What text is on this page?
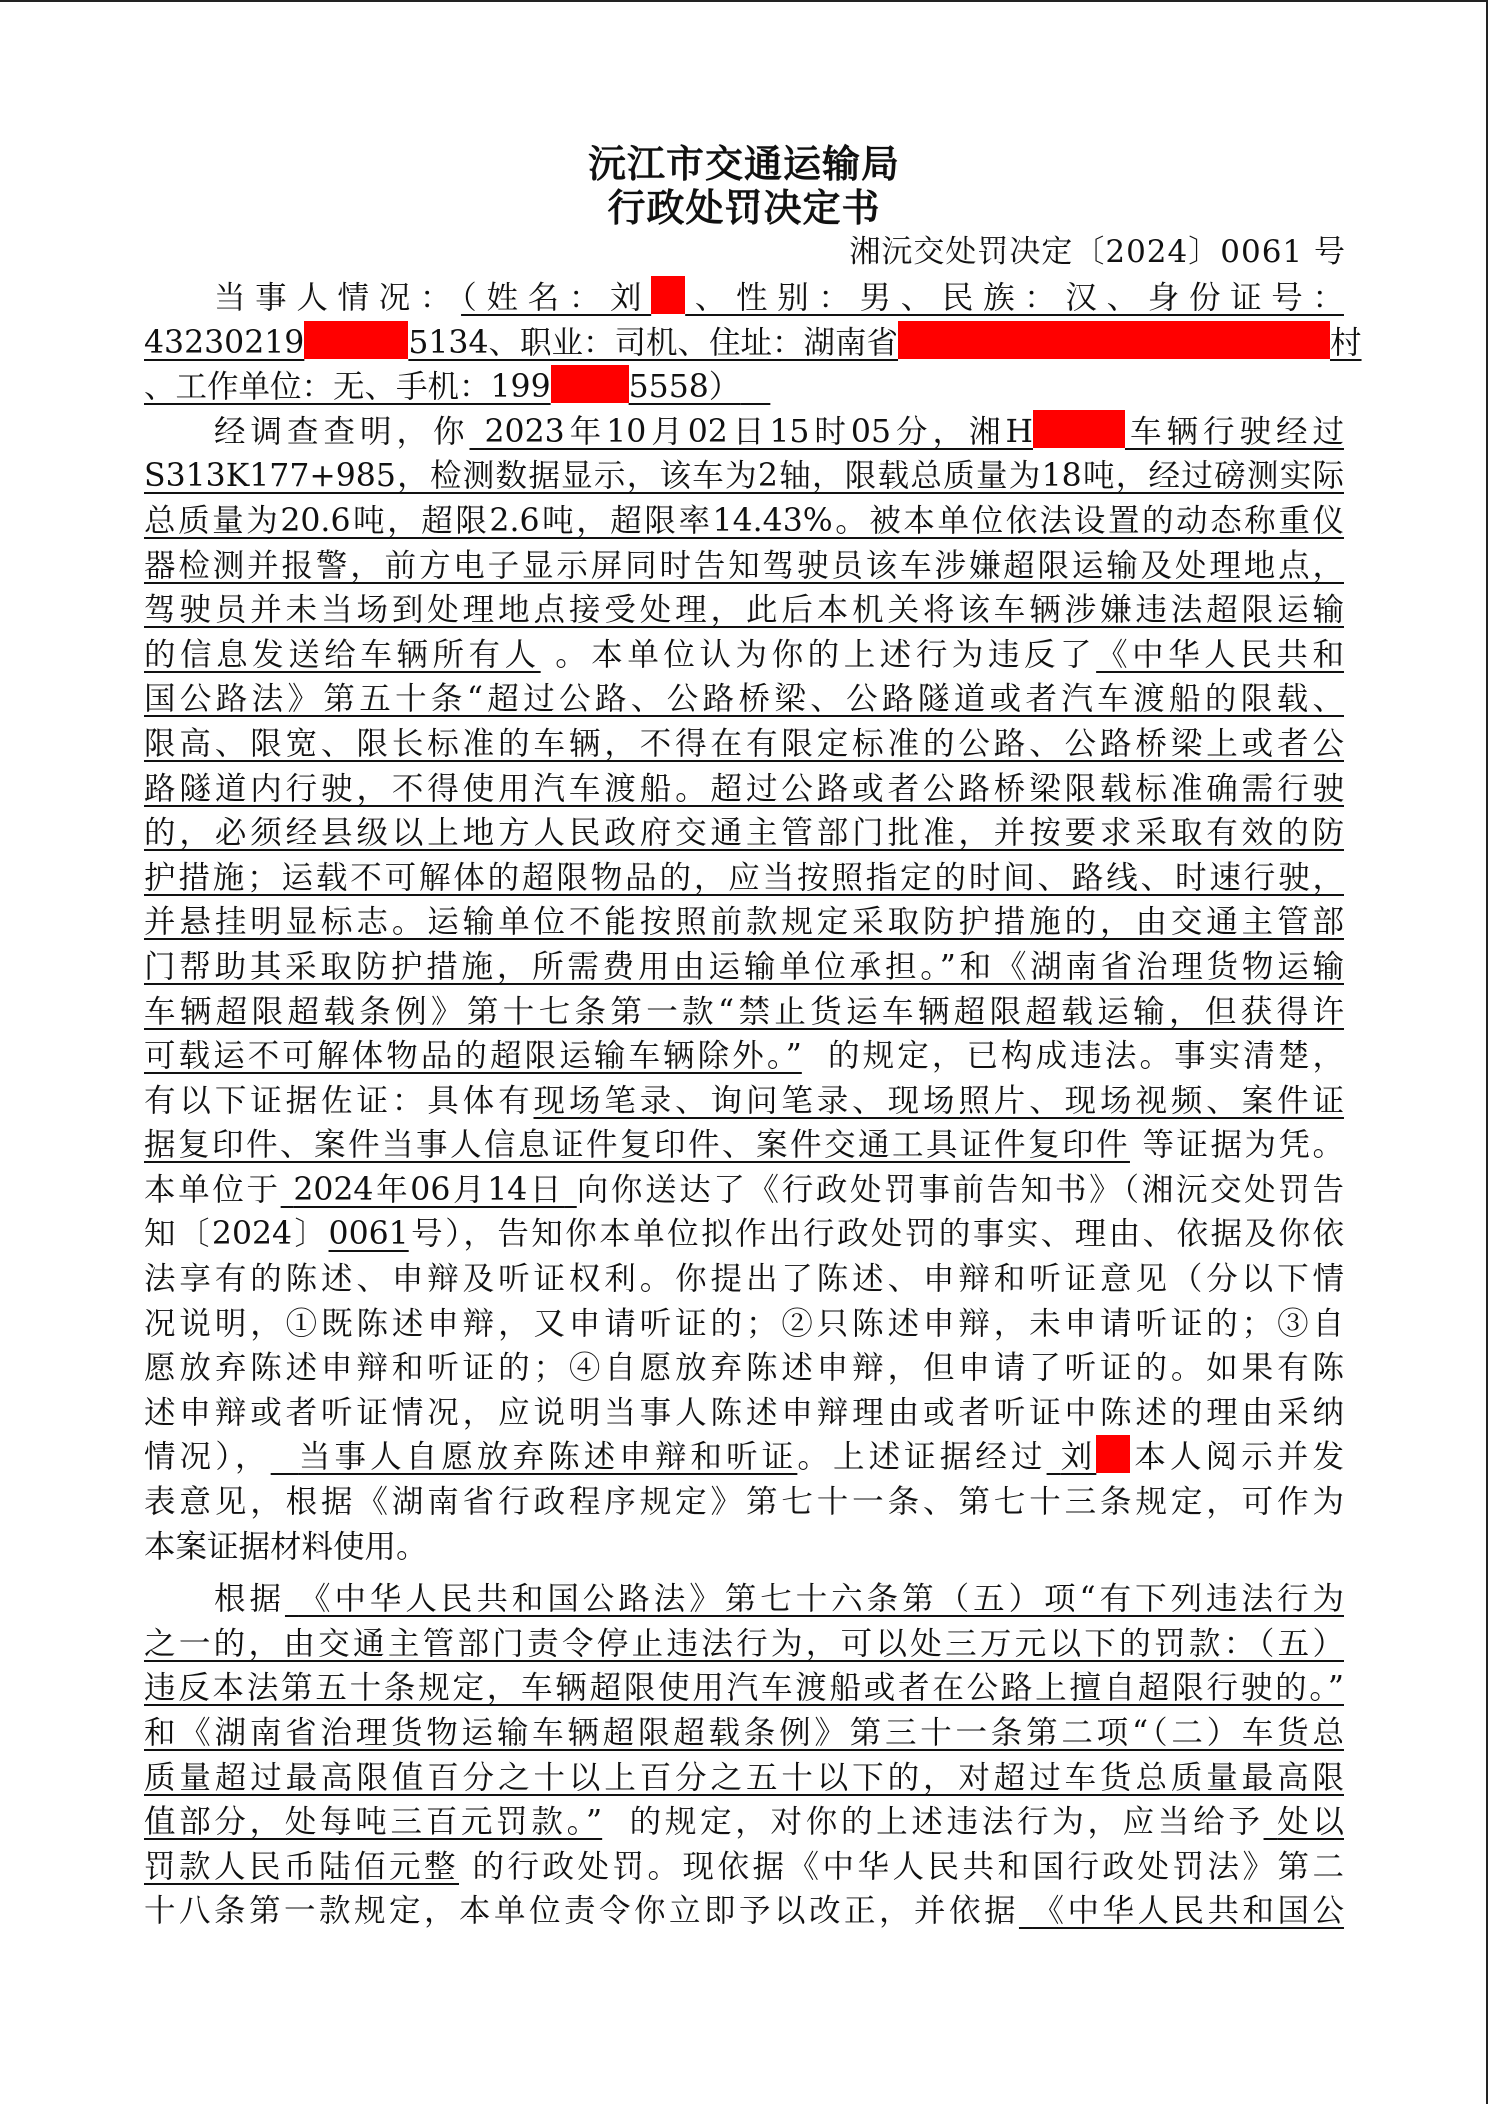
沅江市交通运输局
行政处罚决定书
湘沅交处罚决定〔2024〕0061 号
当事人情况：（姓名：刘 、性别：男、民族：汉、身份证号：
43230219	5134、职业：司机、住址：湖南省	村
、工作单位：无、手机：199 5558）
经调查查明，你 2023年10月02日15时05分，湘H	车辆行驶经过
S313K177+985，检测数据显示，该车为2轴，限载总质量为18吨，经过磅测实际
总质量为20.6吨，超限2.6吨，超限率14.43%。被本单位依法设置的动态称重仪
器检测并报警，前方电子显示屏同时告知驾驶员该车涉嫌超限运输及处理地点，
驾驶员并未当场到处理地点接受处理，此后本机关将该车辆涉嫌违法超限运输
的信息发送给车辆所有人 。本单位认为你的上述行为违反了《中华人民共和
国公路法》第五十条“超过公路、公路桥梁、公路隧道或者汽车渡船的限载、
限高、限宽、限长标准的车辆，不得在有限定标准的公路、公路桥梁上或者公
路隧道内行驶，不得使用汽车渡船。超过公路或者公路桥梁限载标准确需行驶
的，必须经县级以上地方人民政府交通主管部门批准，并按要求采取有效的防
护措施；运载不可解体的超限物品的，应当按照指定的时间、路线、时速行驶，
并悬挂明显标志。运输单位不能按照前款规定采取防护措施的，由交通主管部
门帮助其采取防护措施，所需费用由运输单位承担。”和《湖南省治理货物运输
车辆超限超载条例》第十七条第一款“禁止货运车辆超限超载运输，但获得许
可载运不可解体物品的超限运输车辆除外。” 的规定，已构成违法。事实清楚，
有以下证据佐证：具体有现场笔录、询问笔录、现场照片、现场视频、案件证
据复印件、案件当事人信息证件复印件、案件交通工具证件复印件 等证据为凭。
本单位于 2024年06月14日 向你送达了《行政处罚事前告知书》（湘沅交处罚告
知〔2024〕0061号），告知你本单位拟作出行政处罚的事实、理由、依据及你依
法享有的陈述、申辩及听证权利。你提出了陈述、申辩和听证意见（分以下情
况说明，①既陈述申辩，又申请听证的；②只陈述申辩，未申请听证的；③自
愿放弃陈述申辩和听证的；④自愿放弃陈述申辩，但申请了听证的。如果有陈
述申辩或者听证情况，应说明当事人陈述申辩理由或者听证中陈述的理由采纳
情况）， 当事人自愿放弃陈述申辩和听证。上述证据经过 刘 本人阅示并发
表意见，根据《湖南省行政程序规定》第七十一条、第七十三条规定，可作为
本案证据材料使用。
根据 《中华人民共和国公路法》第七十六条第（五）项“有下列违法行为
之一的，由交通主管部门责令停止违法行为，可以处三万元以下的罚款：（五）
违反本法第五十条规定，车辆超限使用汽车渡船或者在公路上擅自超限行驶的。”
和《湖南省治理货物运输车辆超限超载条例》第三十一条第二项“（二）车货总
质量超过最高限值百分之十以上百分之五十以下的，对超过车货总质量最高限
值部分，处每吨三百元罚款。” 的规定，对你的上述违法行为，应当给予 处以
罚款人民币陆佰元整 的行政处罚。现依据《中华人民共和国行政处罚法》第二
十八条第一款规定，本单位责令你立即予以改正，并依据 《中华人民共和国公
